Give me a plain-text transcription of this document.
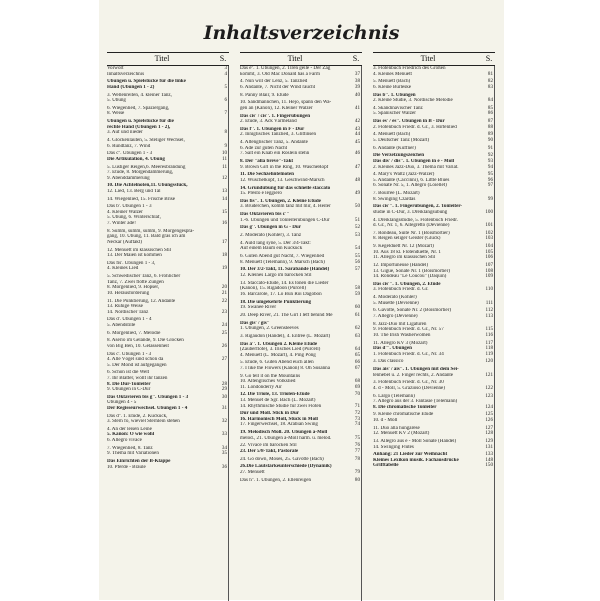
Inhaltsverzeichnis
Titel	S.
Vorwort	3
Inhaltsverzeichnis	4
Übungen u. Spielstücke für die linke
Hand (Übungen 1 - 2)	5
3. Wellenreiten, 4. kleiner Tanz,
5. Übung	6
6. Wiegenlied, 7. Spaziergang,
8. Weise	7
Übungen u. Spielstücke für die
rechte Hand (Übungen 1 - 2),
3. Auf und nieder	8
4. Glockenläuten, 5. Steliger Wechsel,
6. Rundtanz, 7. Wind	9
Das c''. Übungen 1 - 3	10
Die Artikulation, 4. Übung	11
5. Lustiger Reigen,6. Meeresbrandung	11
7. Etüde, 8. Morgendämmerung,
9. Abenddämmerung	12
10. Die Achtelnoten,11. Übungsstück,
12. Lied, 13. Berg und Tal	13
14. Wiegenlied, 15. Frische Brise	14
Das b'. Übungen 1 - 3
4. Kleiner Walzer	15
5. Übung, 6. Winterschlaf,
7. Winter ade!	16
8. Summ, summ, summ, 9. Morgengesprä-
gang, 10. Übung, 11. Bald gras ich am
Neckar (Auftakt)	17
12. Menuett im klassischen Stil
13. Der Maien ist kommen	18
Das fis'. Übungen 1 - 3,
4. Kleines Lied	19
5. Schwedischer Tanz, 6. Fröhlicher
Tanz, 7. Zwei flotte Zungen
8. Morgenlied, 9. Hopser,	20
10. Herausforderung	21
11. Die Punktierung, 12. Andante	22
13. Ruhige Weise
14. Nordischer Tanz	23
Das d'. Übungen 1 - 4
5. Abendstille	24
6. Morgenlied, 7. Melodie	25
8. Aserio im Gelände, 9. Die Glocken
von Big Ben, 10. Gelassenheit	26
Das c'. Übungen 1 - 3
4. Alle Vögel sind schon da	27
5. Der Mond ist aufgegangen
6. Schön ist die Welt
7. Ihr Blätter, wollt ihr tanzen
8. Die Dur-Tonleiter	28
9. Übungen in C-Dur	29
Das Oktavieren bis g''. Übungen 1 - 3	30
Übungen 4 - 5
Der Regisseurwechsel. Übungen 1 - 4	31
Das d''. 1. Etüde, 2. Kuckuck,
3. Stern fo, wieviel Sternlein stehen	32
4. An der leisen Leine
5. Kanon: O wie wohl	33
6. Allegro vivace
7. Wiegenlied, 8. Tanz	34
9. Thema mit Variationen	35
Das Einrichten der B-Klappe
10. Pferde - Braule	36
Titel	S.
Das e''. 1. Übungen, 2. Tiren geile - Der Zag
kommt, 3. Old Mac Donald has a Farm	37
4. Nun will der Lenz, 5. Tanzlied	38
6. Andante, 7. Nicht der Wind raucht	39
8. Panny Blair, 9. Etüde	40
10. Sandmännchen, 11. Hejo, spann den Wa-
gen an (Kanon), 12. Kleiner Walzer	41
Das cis' / cis''. 1. Fingerübungen
2. Etüde, 3. Ack Värmeland	42
Das f''. 1. Übungen in F - Dur	43
2. Inniglisches Tanzlied, 3. Glittinsen	44
4. Altenglischer Tanz, 5. Andante	45
6. Ade zur guten Nacht
7. Salt ein Knab ein Röslein stehn	46
8. Der "alla breve"-Takt
9. Brown Girl in the Ring, 10. WascheRopf	47
11. Die Sechzehntelnoten
12. Wuschelkopf, 13. Geschwind-Marsch	48
14. Grundübung für das schnelle staccato
15. Presto e leggiero	49
Das fis''. 1. Übungen, 2. Kleine Etüde
3. Brüderchen, komm tanz mit mir, 4. Heiter	50
Das Oktavieren bis c'''
1.-6. Übungen und Tonleiterübungen C-Dur	51
Das g''. Übungen in G - Dur	52
2. Moderato (Köhler), 3. Tanz	53
4. Auld lang syne, 5. Der 3/4-Takt:
Auf einem Baum ein Kuckuck	54
6. Guten Abend gut Nacht, 7. Wiegenlied	55
8. Menuett (Telemann), 9. Marsch (Bach)	56
10. Der 3/2-Takt, 11. Sarabande (Händel)	57
12. Kleines Largo im barocken Stil
13. Staccato-Etüde, 14. Es tönen die Lieder
(Kanon), 15. Rigadoon (Purcell)	58
16. Barcarole, 17. Lo Bun Roi Dagobon	59
18. Die umgekehrte Punktierung
19. Swanee River	60
20. Deep River, 21. The Girl I left behind Me	61
Das gis' / gis''
1. Übungen, 2. Greensleeves	62
3. Rigaudon (Händel), 4. Entrée (L. Mozart)	63
Das a''. 1. Übungen 2. Kleine Etüde
(Zauberflöte), 3. Irisches Lied (Purcell)	64
4. Menuett (L. Mozart), 4. Ping Pong	65
5. Etüde, 6. Guten Abend euch allen	66
7. I like the Flowers (Kanon) 8. Oh Susanna	67
9. Go tell it on the Mountains
10. Altenglisches Volkslied	68
11. Londonderry Air	69
12. Die Triole, 13. Triolen-Etüde	70
13. Menuet de Sgr. Bach (L. Mozart)
14. Rhythmische Studie für zwei Flöten	71
Dur und Moll. Stick in Dur	72
16. Harmonisch Moll, Stück in Moll	73
17. Fingerwechsel, 18. Arabian Swing	74
19. Melodisch Moll. 20. Übungen a-Moll
melod., 21. Übungen a-Moll harm. u. melod.	75
22. Vivace im barocken Stil	76
23. Der 5/8-Takt, Pastorale	77
24. Go down, Moses, 25. Gavotte (Bach)	78
26.Die Lautstärkeunterschiede (Dynamik)
27. Menuett	79
Das h''. 1. Übungen, 2. Ellenreigen	80
Titel	S.
3. Flötenbuch Friedrich des Großen
4. Kleines Menuett	81
5. Menuett (Bach)	82
6. Kleine Burleske	83
Das b''. 1. Übungen
2. Kleine Studie, 3. Nordische Melodie	84
4. Skandinavischer Tanz	85
5. Spanischer Walzer	86
Das es' / es''. Übungen in B - Dur	87
2. Flötenbuch Friedr. d. Gr., 3. Hirtenlied	88
4. Menuett (Bach)	89
5. Deutscher Tanz (Mozart)	90
6. Andante (Küffner)	91
Die Verzetzungszeichen	92
Das dis' / dis''. 1. Übungen in e - Moll	93
2. Kleines Jazz-Duo, 3. Thema mit Variat.	94
4. Mary's Waltz (Jazz-Walzer)	95
5. Andante (Caccinni), 6. Little Blues	96
6. Sonate Nr. 5, 1. Allegro (Loiellet)	97
7. Bourrée (L. Mozart)
8. Swinging Czardas	99
Das cis'''. 1. Fingerübungen, 2. Tonleiter-
studie in C-Dur, 3. Dreiklangsübung	100
4. Dreiklangsstudie, 5. Flötenbuch Friedr.
d. Gr., Nr. 1, 6. Allegretto (Devienne)	101
7. Rondeau, Suite Nr. 1 (Boismortier)	102
8. Reigen seliger Geister (Gluck)	103
9. Kegelduett Nr. 12 (Mozart)	104
10. Aus 18 kl. Flötenduette, Nr. 1	105
11. Allegro im klassischen Stil	106
12. Importuneuse (Händel)	107
13. Gigue, Sonate Nr. 1 (Boismortier)	108
14. Rondeau "Le Coucou" (Daquin)	109
Das cis'''. 1. Übungen, 2. Etüde
3. Flötenbuch Friedr. d. Gr.	110
4. Moderato (Köhler)
5. Musette (Devienne)	111
6. Gavotte, Sonate Nr. 2 (Boismortier)	112
7. Allegro (Devienne)	113
8. Jazz-Duo mit Ligaturen
9. Flötenbuch Friedr. d. Gr., Nr. 57	115
10. The Irish Washerwomen	116
11. Allegro KV 3 (Mozart)	117
Das d'''. Übungen	118
1. Flötenbuch Friedr. d. Gr., Nr. 34	119
3. Das classico	120
Das ais' / ais''. 1. Übungen mit dem Sei-
tenhebel u. 2. Finger rechts, 2. Andante	121
3. Flötenbuch Friedr. d. Gr., Nr. 30
4. d - Moll, 5. Grazioso (Devienne)	122
6. Largo (Telemann)	123
7. Allegro aus der 3. Fantasie (Telemann)
8. Die chromatische Tonleiter	124
9. Kleine chromatische Etüde	125
10. d - Moll	126
11. Duo alla hungarese	127
12. Menuett KV 2 (Mozart)	128
13. Allegro aus e - Moll Sonate (Händel)	129
14. Swinging Flutes	131
Anhang: 21 Lieder zur Weihnacht	133
Kleines Lexikon musik. Fachausdrücke	148
Grifftabelle	150
